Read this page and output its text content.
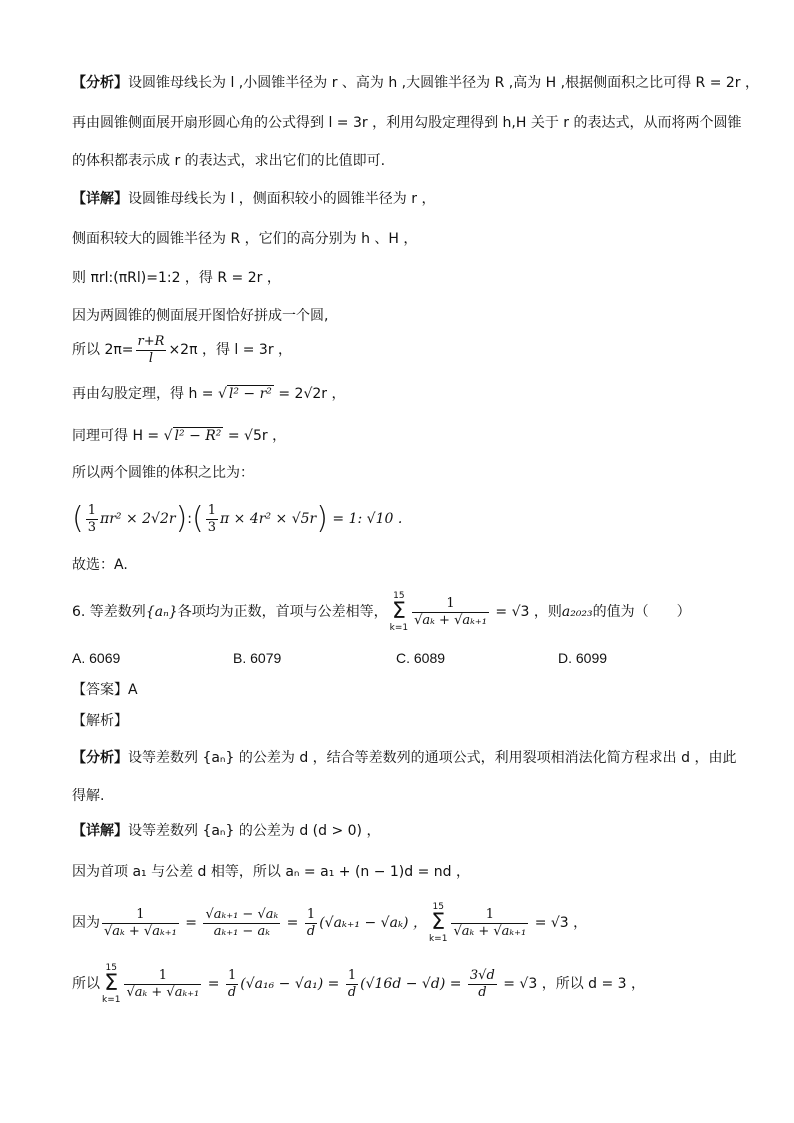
【分析】设圆锥母线长为 l ,小圆锥半径为 r 、高为 h ,大圆锥半径为 R ,高为 H ,根据侧面积之比可得 R = 2r ，
再由圆锥侧面展开扇形圆心角的公式得到 l = 3r ，利用勾股定理得到 h,H 关于 r 的表达式，从而将两个圆锥
的体积都表示成 r 的表达式，求出它们的比值即可.
【详解】设圆锥母线长为 l ，侧面积较小的圆锥半径为 r ，
侧面积较大的圆锥半径为 R ，它们的高分别为 h 、H ，
则 πrl:(πRl)=1:2 ，得 R = 2r ，
因为两圆锥的侧面展开图恰好拼成一个圆,
所以 $2\pi= \frac{r+R}{l} \times 2\pi$ ，得 l = 3r ，
再由勾股定理，得 h = √ l² − r² = 2√2r ，
同理可得 H = √ l² − R² = √5r ，
所以两个圆锥的体积之比为：
( $\frac{1}{3} \pi r^2$ × 2√2r):( $\frac{1}{3}$ π × 4r² × √5r) = 1: √10 .
故选：A.
6. 等差数列{aₙ}各项均为正数，首项与公差相等，
15
Σ
$k=1 \frac{1}{\text{√aₖ + √aₖ₊₁}} = √3$ ，则a₂₀₂₃的值为（　　）
A. 6069	B. 6079	C. 6089	D. 6099
【答案】A
【解析】
【分析】设等差数列 {aₙ} 的公差为 d ，结合等差数列的通项公式，利用裂项相消法化简方程求出 d ，由此
得解.
【详解】设等差数列 {aₙ} 的公差为 d (d > 0) ，
因为首项 a₁ 与公差 d 相等，所以 aₙ = a₁ + (n − 1)d = nd ，
因为 $\frac{1}{\text{√aₖ + √aₖ₊₁}} = \frac{\text{√aₖ₊₁ − √aₖ}}{\text{aₖ₊₁ − aₖ}} = \frac{1}{d} (√a_{k+1} - √a_k)$ ，
15
Σ
$k=1 \frac{1}{\text{√aₖ + √aₖ₊₁}} = √3$ ，
所以
15
Σ
$k=1 \frac{1}{\text{√aₖ + √aₖ₊₁}} = \frac{1}{d} (√a_{16} - √a_1) = \frac{1}{d} (√16d - √d) = \frac{3√d}{d} = √3$ ，所以 d = 3 ，
